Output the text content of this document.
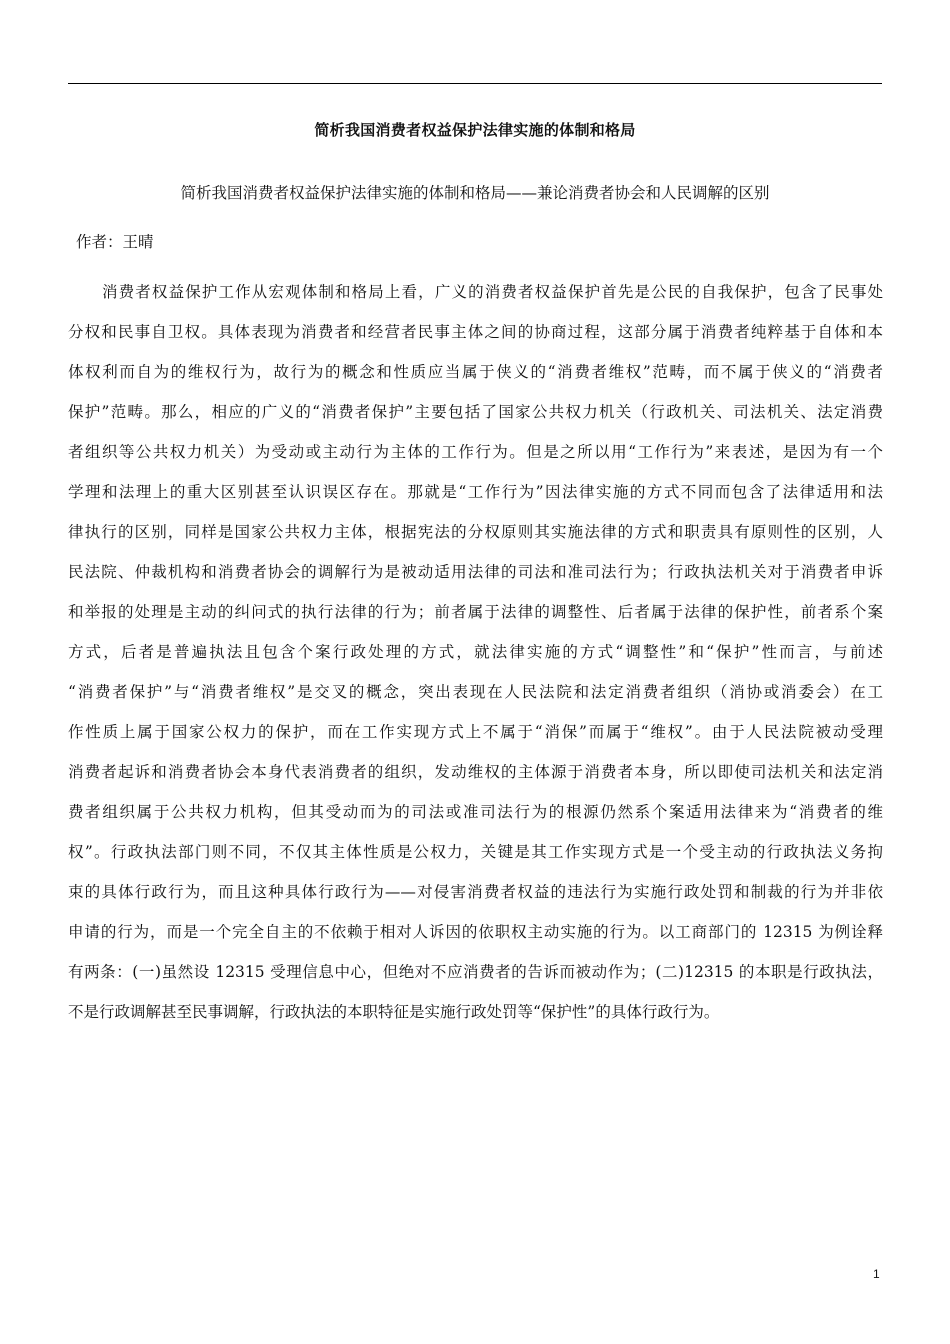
简析我国消费者权益保护法律实施的体制和格局
简析我国消费者权益保护法律实施的体制和格局——兼论消费者协会和人民调解的区别
作者：王晴
消费者权益保护工作从宏观体制和格局上看，广义的消费者权益保护首先是公民的自我保护，包含了民事处
分权和民事自卫权。具体表现为消费者和经营者民事主体之间的协商过程，这部分属于消费者纯粹基于自体和本
体权利而自为的维权行为，故行为的概念和性质应当属于侠义的“消费者维权”范畴，而不属于侠义的“消费者
保护”范畴。那么，相应的广义的“消费者保护”主要包括了国家公共权力机关（行政机关、司法机关、法定消费
者组织等公共权力机关）为受动或主动行为主体的工作行为。但是之所以用“工作行为”来表述，是因为有一个
学理和法理上的重大区别甚至认识误区存在。那就是“工作行为”因法律实施的方式不同而包含了法律适用和法
律执行的区别，同样是国家公共权力主体，根据宪法的分权原则其实施法律的方式和职责具有原则性的区别，人
民法院、仲裁机构和消费者协会的调解行为是被动适用法律的司法和准司法行为；行政执法机关对于消费者申诉
和举报的处理是主动的纠问式的执行法律的行为；前者属于法律的调整性、后者属于法律的保护性，前者系个案
方式，后者是普遍执法且包含个案行政处理的方式，就法律实施的方式“调整性”和“保护”性而言，与前述
“消费者保护”与“消费者维权”是交叉的概念，突出表现在人民法院和法定消费者组织（消协或消委会）在工
作性质上属于国家公权力的保护，而在工作实现方式上不属于“消保”而属于“维权”。由于人民法院被动受理
消费者起诉和消费者协会本身代表消费者的组织，发动维权的主体源于消费者本身，所以即使司法机关和法定消
费者组织属于公共权力机构，但其受动而为的司法或准司法行为的根源仍然系个案适用法律来为“消费者的维
权”。行政执法部门则不同，不仅其主体性质是公权力，关键是其工作实现方式是一个受主动的行政执法义务拘
束的具体行政行为，而且这种具体行政行为——对侵害消费者权益的违法行为实施行政处罚和制裁的行为并非依
申请的行为，而是一个完全自主的不依赖于相对人诉因的依职权主动实施的行为。以工商部门的 12315 为例诠释
有两条：(一)虽然设 12315 受理信息中心，但绝对不应消费者的告诉而被动作为；(二)12315 的本职是行政执法，
不是行政调解甚至民事调解，行政执法的本职特征是实施行政处罚等“保护性”的具体行政行为。
1
